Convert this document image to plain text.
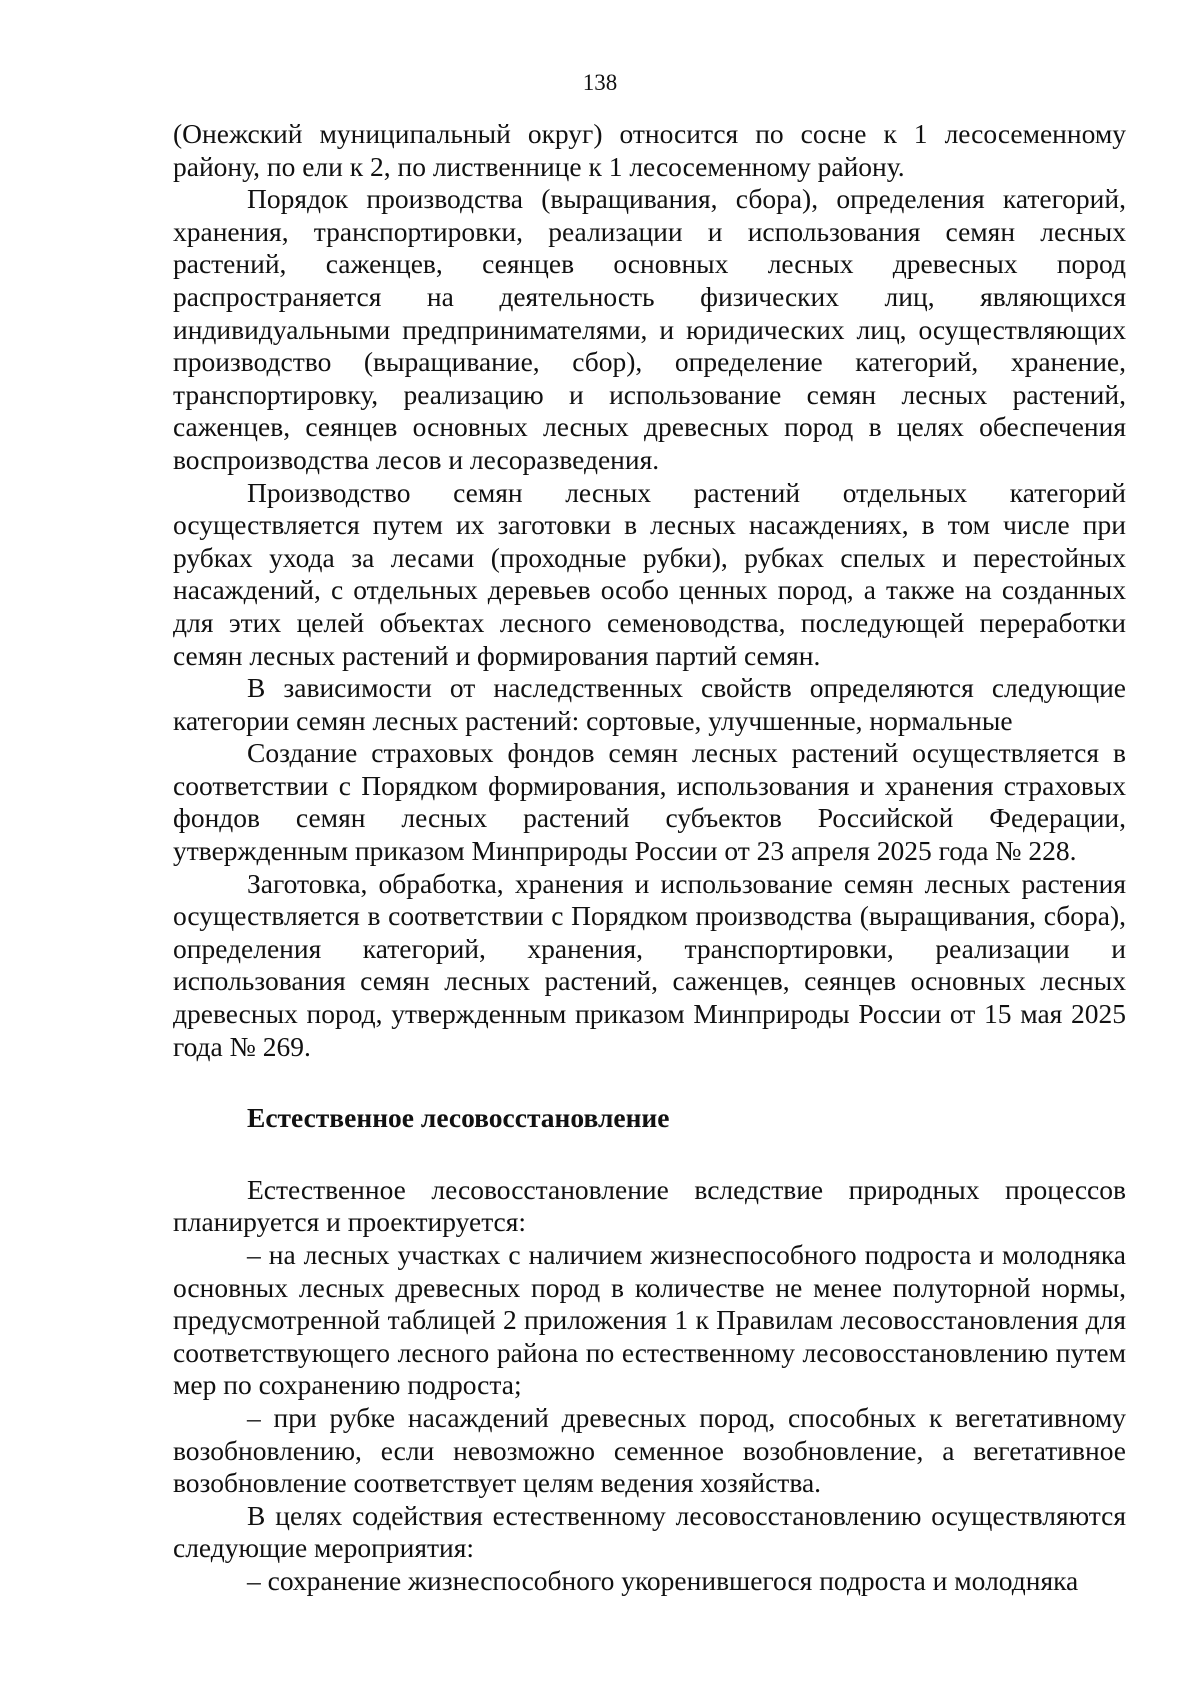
138

(Онежский муниципальный округ) относится по сосне к 1 лесосеменному району, по ели к 2, по лиственнице к 1 лесосеменному району.

Порядок производства (выращивания, сбора), определения категорий, хранения, транспортировки, реализации и использования семян лесных растений, саженцев, сеянцев основных лесных древесных пород распространяется на деятельность физических лиц, являющихся индивидуальными предпринимателями, и юридических лиц, осуществляющих производство (выращивание, сбор), определение категорий, хранение, транспортировку, реализацию и использование семян лесных растений, саженцев, сеянцев основных лесных древесных пород в целях обеспечения воспроизводства лесов и лесоразведения.

Производство семян лесных растений отдельных категорий осуществляется путем их заготовки в лесных насаждениях, в том числе при рубках ухода за лесами (проходные рубки), рубках спелых и перестойных насаждений, с отдельных деревьев особо ценных пород, а также на созданных для этих целей объектах лесного семеноводства, последующей переработки семян лесных растений и формирования партий семян.

В зависимости от наследственных свойств определяются следующие категории семян лесных растений: сортовые, улучшенные, нормальные

Создание страховых фондов семян лесных растений осуществляется в соответствии с Порядком формирования, использования и хранения страховых фондов семян лесных растений субъектов Российской Федерации, утвержденным приказом Минприроды России от 23 апреля 2025 года № 228.

Заготовка, обработка, хранения и использование семян лесных растения осуществляется в соответствии с Порядком производства (выращивания, сбора), определения категорий, хранения, транспортировки, реализации и использования семян лесных растений, саженцев, сеянцев основных лесных древесных пород, утвержденным приказом Минприроды России от 15 мая 2025 года № 269.

Естественное лесовосстановление

Естественное лесовосстановление вследствие природных процессов планируется и проектируется:

– на лесных участках с наличием жизнеспособного подроста и молодняка основных лесных древесных пород в количестве не менее полуторной нормы, предусмотренной таблицей 2 приложения 1 к Правилам лесовосстановления для соответствующего лесного района по естественному лесовосстановлению путем мер по сохранению подроста;

– при рубке насаждений древесных пород, способных к вегетативному возобновлению, если невозможно семенное возобновление, а вегетативное возобновление соответствует целям ведения хозяйства.

В целях содействия естественному лесовосстановлению осуществляются следующие мероприятия:

– сохранение жизнеспособного укоренившегося подроста и молодняка
